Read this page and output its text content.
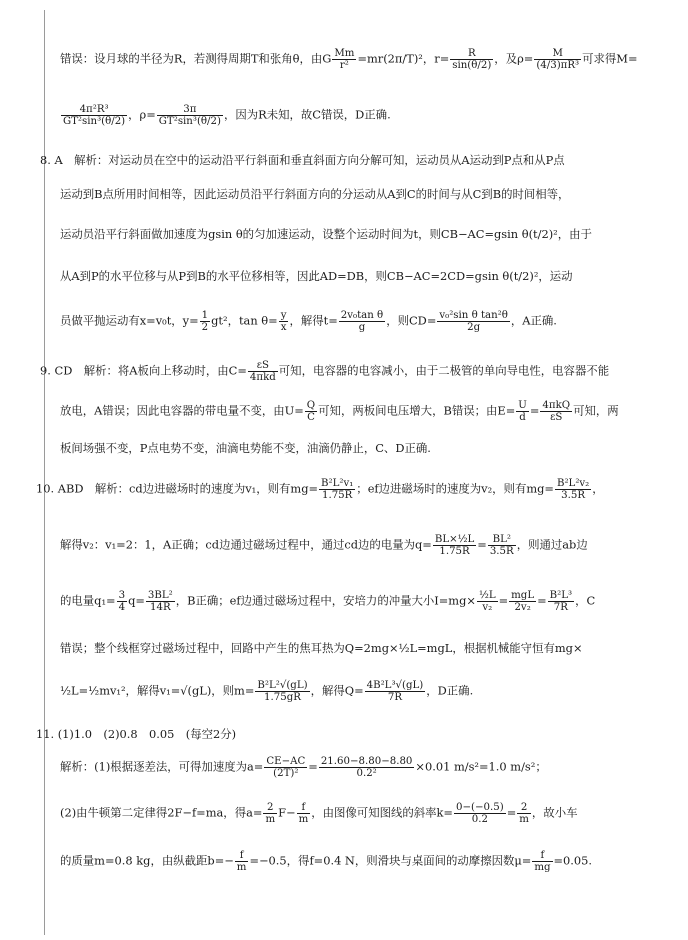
错误：设月球的半径为R，若测得周期T和张角θ，由G $\frac{Mm}{\text{r²}} =mr(2\pi/T)^2$，$r= \frac{R}{\sin(\theta/2)}$ ，及$\rho= \frac{M}{\text{(4/3)πR³}}$ 可求得M=
$\frac{\text{4π²R³}}{\text{GT²sin³(θ/2)}}$ ，$\rho= \frac{3\pi}{\text{GT²sin³(θ/2)}}$ ，因为R未知，故C错误，D正确.
8. A　解析：对运动员在空中的运动沿平行斜面和垂直斜面方向分解可知，运动员从A运动到P点和从P点
运动到B点所用时间相等，因此运动员沿平行斜面方向的分运动从A到C的时间与从C到B的时间相等，
运动员沿平行斜面做加速度为gsin θ的匀加速运动，设整个运动时间为t，则CB−AC=gsin θ(t/2)²，由于
从A到P的水平位移与从P到B的水平位移相等，因此AD=DB，则CB−AC=2CD=gsin θ(t/2)²，运动
员做平抛运动有x=v₀t，$y= \frac{1}{2} gt^2$，$\tan \theta= \frac{y}{x}$ ，解得$t= \frac{\text{2v₀tan θ}}{g}$ ，则$CD= \frac{\text{v₀²sin θ tan²θ}}{2g}$ ，A正确.
9. CD　解析：将A板向上移动时，由$C= \frac{\varepsilon S}{\text{4πkd}}$ 可知，电容器的电容减小，由于二极管的单向导电性，电容器不能
放电，A错误；因此电容器的带电量不变，由$U= \frac{Q}{C}$ 可知，两板间电压增大，B错误；由$E= \frac{U}{d} = \frac{\text{4πkQ}}{\varepsilon S}$ 可知，两
板间场强不变，P点电势不变，油滴电势能不变，油滴仍静止，C、D正确.
10. ABD　解析：cd边进磁场时的速度为v₁，则有$mg= \frac{\text{B²L²v₁}}{1.75R}$ ；ef边进磁场时的速度为v₂，则有$mg= \frac{\text{B²L²v₂}}{3.5R}$ ，
解得v₂：v₁=2：1，A正确；cd边通过磁场过程中，通过cd边的电量为$q= \frac{\text{BL×½L}}{1.75R} = \frac{\text{BL²}}{3.5R}$ ，则通过ab边
的电量$q_1= \frac{3}{4} q= \frac{\text{3BL²}}{14R}$ ，B正确；ef边通过磁场过程中，安培力的冲量大小$I=mg\times \frac{\text{½L}}{\text{v₂}} = \frac{\text{mgL}}{\text{2v₂}} = \frac{\text{B²L³}}{7R}$ ，C
错误；整个线框穿过磁场过程中，回路中产生的焦耳热为Q=2mg×½L=mgL，根据机械能守恒有mg×
½L=½mv₁²，解得v₁=√(gL)，则$m= \frac{\text{B²L²√(gL)}}{1.75gR}$ ，解得$Q= \frac{\text{4B²L³√(gL)}}{7R}$ ，D正确.
11. (1)1.0　(2)0.8　0.05　(每空2分)
解析：(1)根据逐差法，可得加速度为$a= \frac{CE-AC}{\text{(2T)²}} = \frac{21.60-8.80-8.80}{\text{0.2²}} \times 0.01$ m/s²=1.0 m/s²；
(2)由牛顿第二定律得2F−f=ma，得$a= \frac{2}{m} F- \frac{f}{m}$ ，由图像可知图线的斜率$k= \frac{0-(-0.5)}{0.2} = \frac{2}{m}$ ，故小车
的质量m=0.8 kg，由纵截距$b=- \frac{f}{m} =-0.5$，得f=0.4 N，则滑块与桌面间的动摩擦因数$\mu= \frac{f}{mg} =0.05$.
